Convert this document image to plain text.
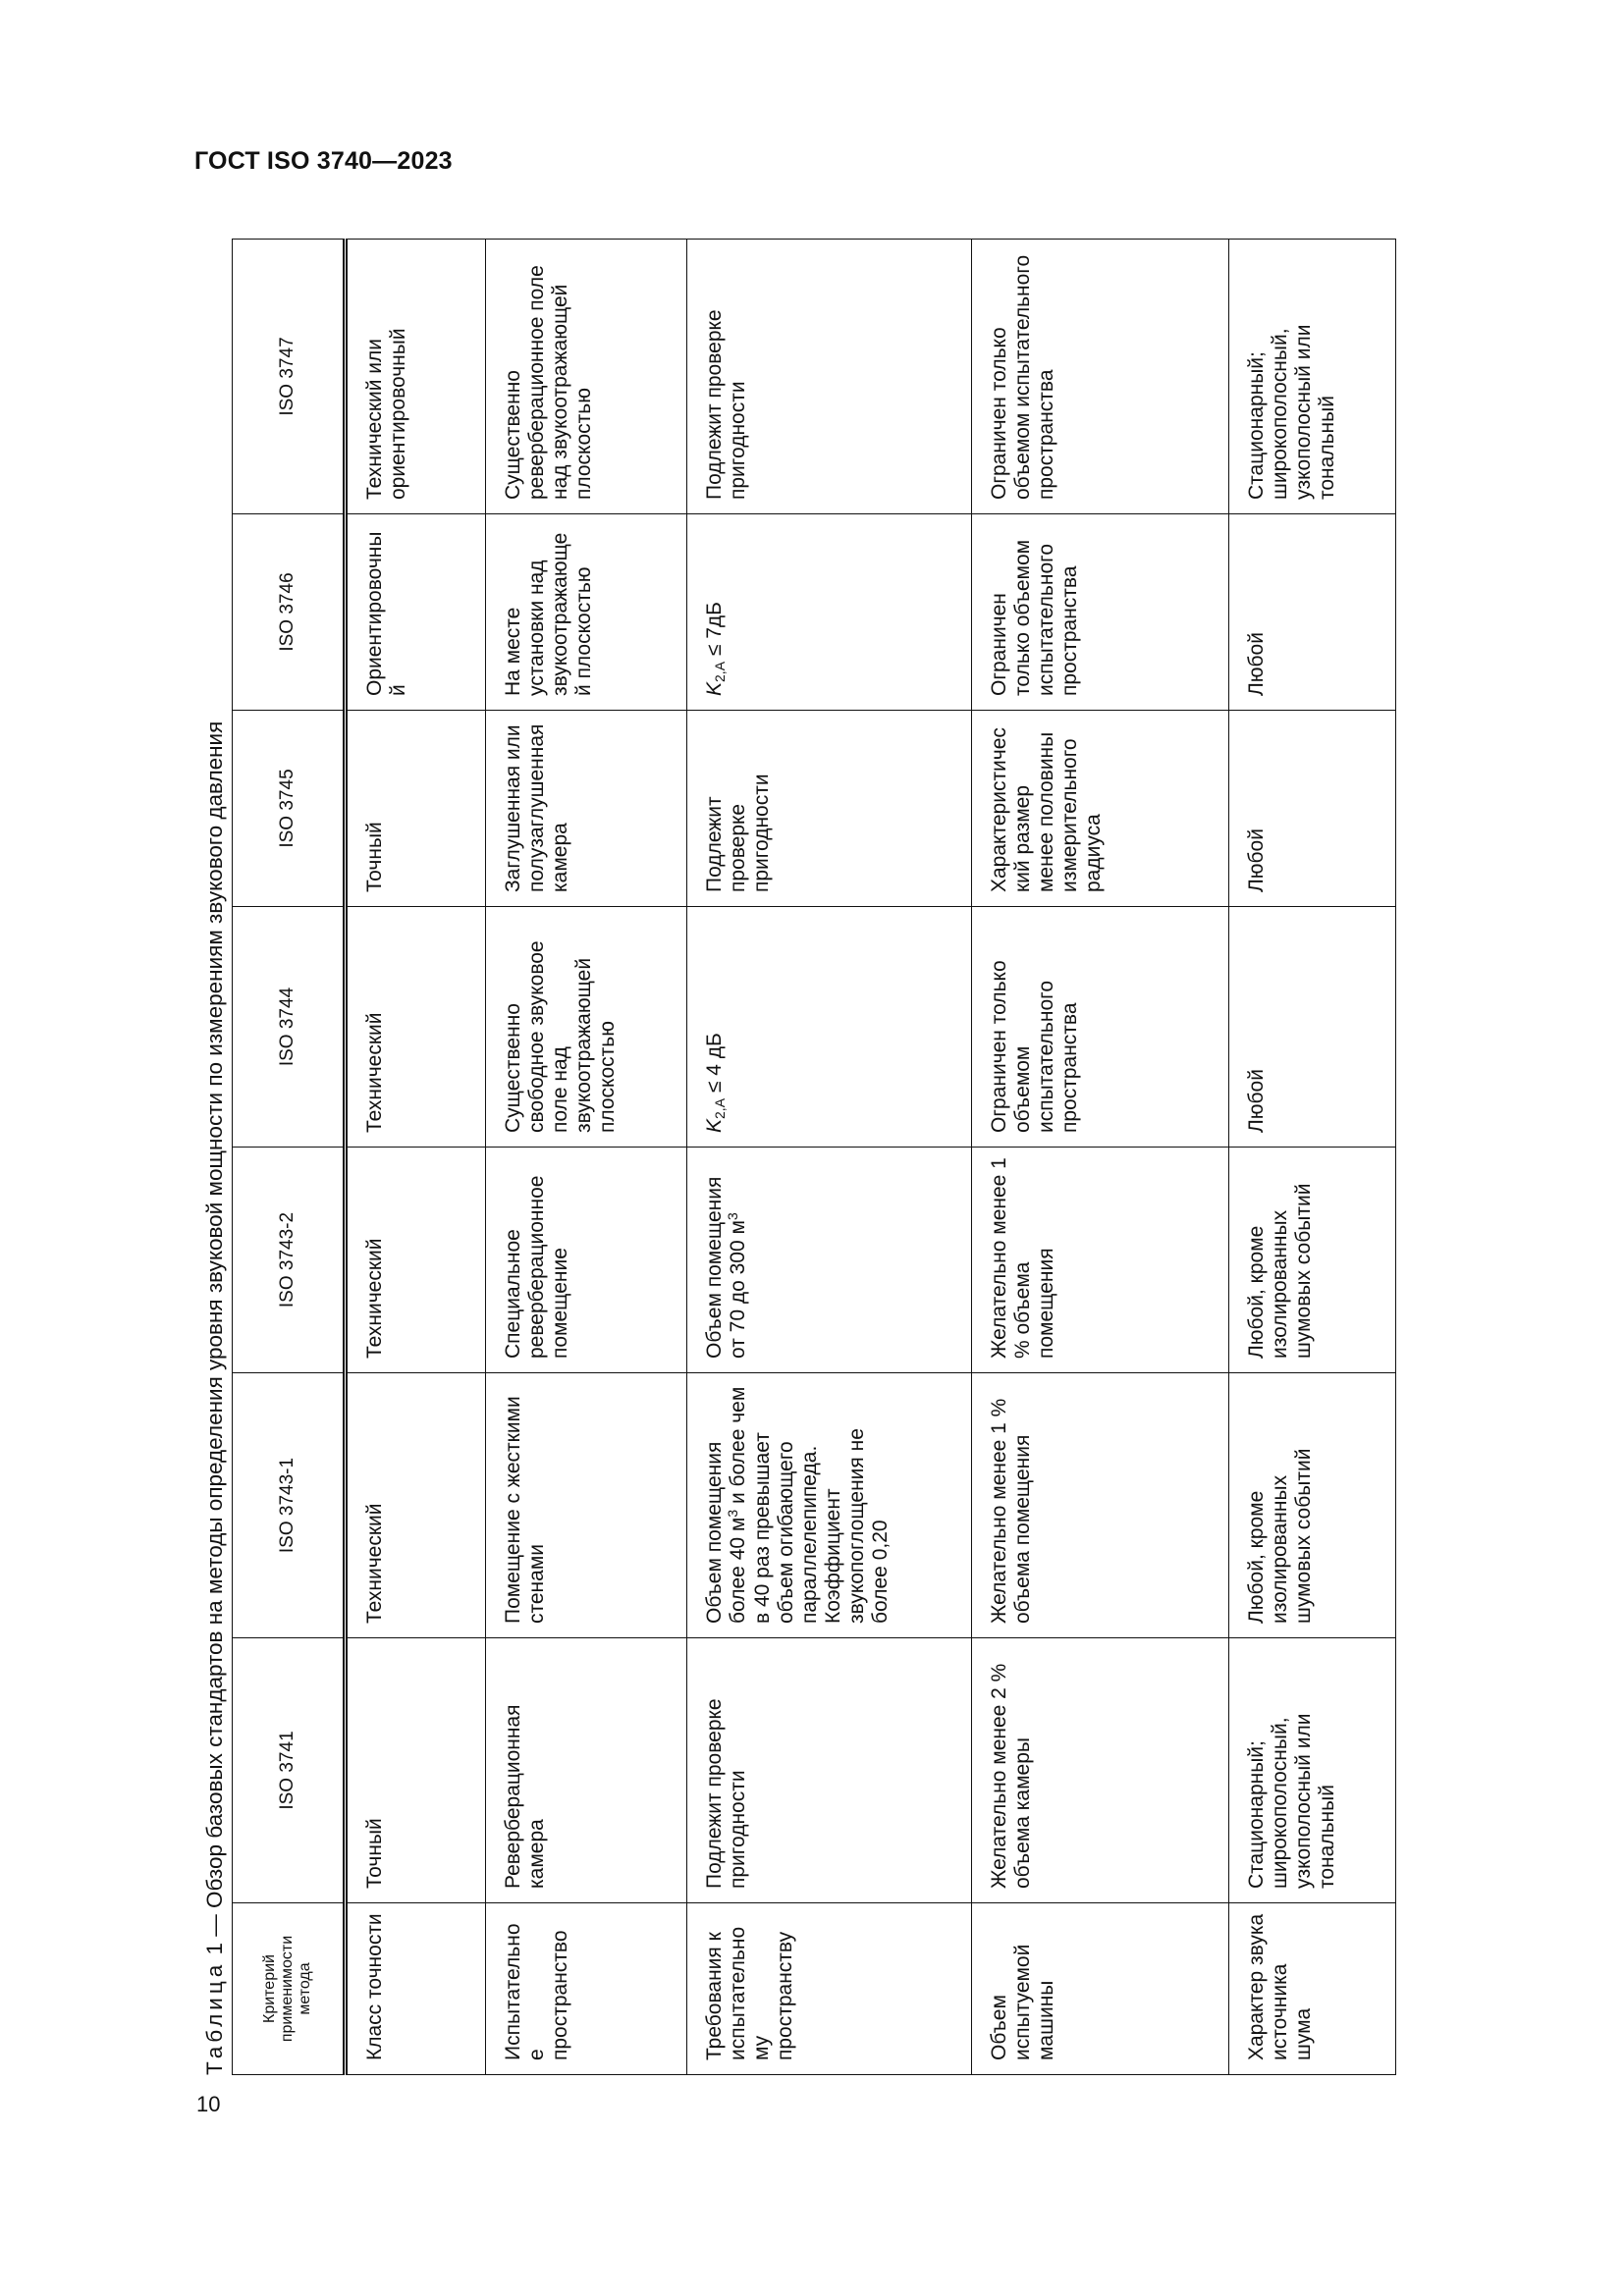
ГОСТ ISO 3740—2023
10
Таблица 1 — Обзор базовых стандартов на методы определения уровня звуковой мощности по измерениям звукового давления
Критерий применимости метода	ISO 3741	ISO 3743-1	ISO 3743-2	ISO 3744	ISO 3745	ISO 3746	ISO 3747
Класс точности	Точный	Технический	Технический	Технический	Точный	Ориентировочный	Технический или ориентировочный
Испытательное пространство	Реверберационная камера	Помещение с жесткими стенами	Специальное реверберационное помещение	Существенно свободное звуковое поле над звукоотражающей плоскостью	Заглушенная или полузаглушенная камера	На месте установки над звукоотражающей плоскостью	Существенно реверберационное поле над звукоотражающей плоскостью
Требования к испытательному пространству	Подлежит проверке пригодности	Объем помещения более 40 $м^3$ и более чем в 40 раз превышает объем огибающего параллелепипеда. Коэффициент звукопоглощения не более 0,20	Объем помещения от 70 до 300 $м^3$	K2,A ≤ 4 дБ	Подлежит проверке пригодности	K2,A ≤ 7дБ	Подлежит проверке пригодности
Объем испытуемой машины	Желательно менее 2 % объема камеры	Желательно менее 1 % объема помещения	Желательно менее 1 % объема помещения	Ограничен только объемом испытательного пространства	Характеристический размер менее половины измерительного радиуса	Ограничен только объемом испытательного пространства	Ограничен только объемом испытательного пространства
Характер звука источника шума	Стационарный; широкополосный, узкополосный или тональный	Любой, кроме изолированных шумовых событий	Любой, кроме изолированных шумовых событий	Любой	Любой	Любой	Стационарный; широкополосный, узкополосный или тональный
